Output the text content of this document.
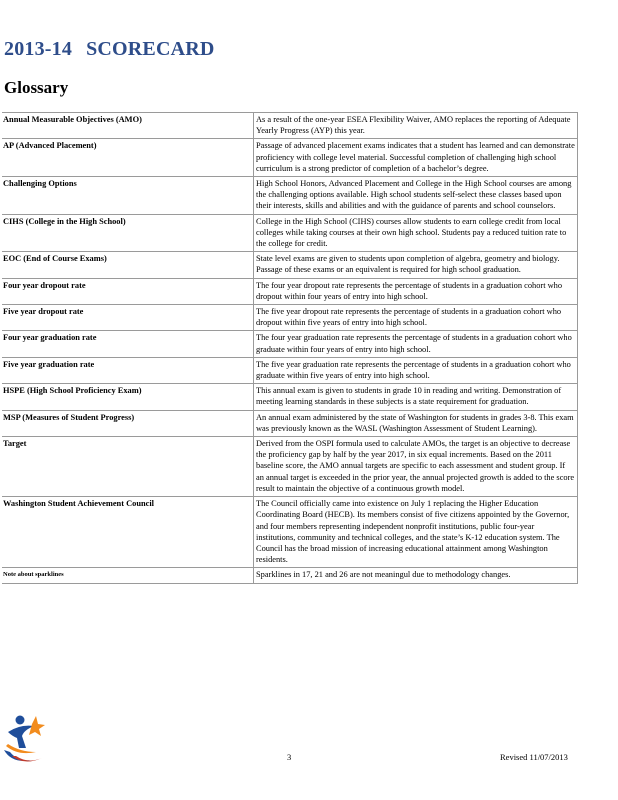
2013-14 SCORECARD
Glossary
Annual Measurable Objectives (AMO)	As a result of the one-year ESEA Flexibility Waiver, AMO replaces the reporting of Adequate Yearly Progress (AYP) this year.
AP (Advanced Placement)	Passage of advanced placement exams indicates that a student has learned and can demonstrate proficiency with college level material. Successful completion of challenging high school curriculum is a strong predictor of completion of a bachelor’s degree.
Challenging Options	High School Honors, Advanced Placement and College in the High School courses are among the challenging options available. High school students self-select these classes based upon their interests, skills and abilities and with the guidance of parents and school counselors.
CIHS (College in the High School)	College in the High School (CIHS) courses allow students to earn college credit from local colleges while taking courses at their own high school. Students pay a reduced tuition rate to the college for credit.
EOC (End of Course Exams)	State level exams are given to students upon completion of algebra, geometry and biology. Passage of these exams or an equivalent is required for high school graduation.
Four year dropout rate	The four year dropout rate represents the percentage of students in a graduation cohort who dropout within four years of entry into high school.
Five year dropout rate	The five year dropout rate represents the percentage of students in a graduation cohort who dropout within five years of entry into high school.
Four year graduation rate	The four year graduation rate represents the percentage of students in a graduation cohort who graduate within four years of entry into high school.
Five year graduation rate	The five year graduation rate represents the percentage of students in a graduation cohort who graduate within five years of entry into high school.
HSPE (High School Proficiency Exam)	This annual exam is given to students in grade 10 in reading and writing. Demonstration of meeting learning standards in these subjects is a state requirement for graduation.
MSP (Measures of Student Progress)	An annual exam administered by the state of Washington for students in grades 3-8. This exam was previously known as the WASL (Washington Assessment of Student Learning).
Target	Derived from the OSPI formula used to calculate AMOs, the target is an objective to decrease the proficiency gap by half by the year 2017, in six equal increments. Based on the 2011 baseline score, the AMO annual targets are specific to each assessment and student group. If an annual target is exceeded in the prior year, the annual projected growth is added to the score result to maintain the objective of a continuous growth model.
Washington Student Achievement Council	The Council officially came into existence on July 1 replacing the Higher Education Coordinating Board (HECB). Its members consist of five citizens appointed by the Governor, and four members representing independent nonprofit institutions, public four-year institutions, community and technical colleges, and the state’s K-12 education system. The Council has the broad mission of increasing educational attainment among Washington residents.
Note about sparklines	Sparklines in 17, 21 and 26 are not meaningul due to methodology changes.
3	Revised 11/07/2013
